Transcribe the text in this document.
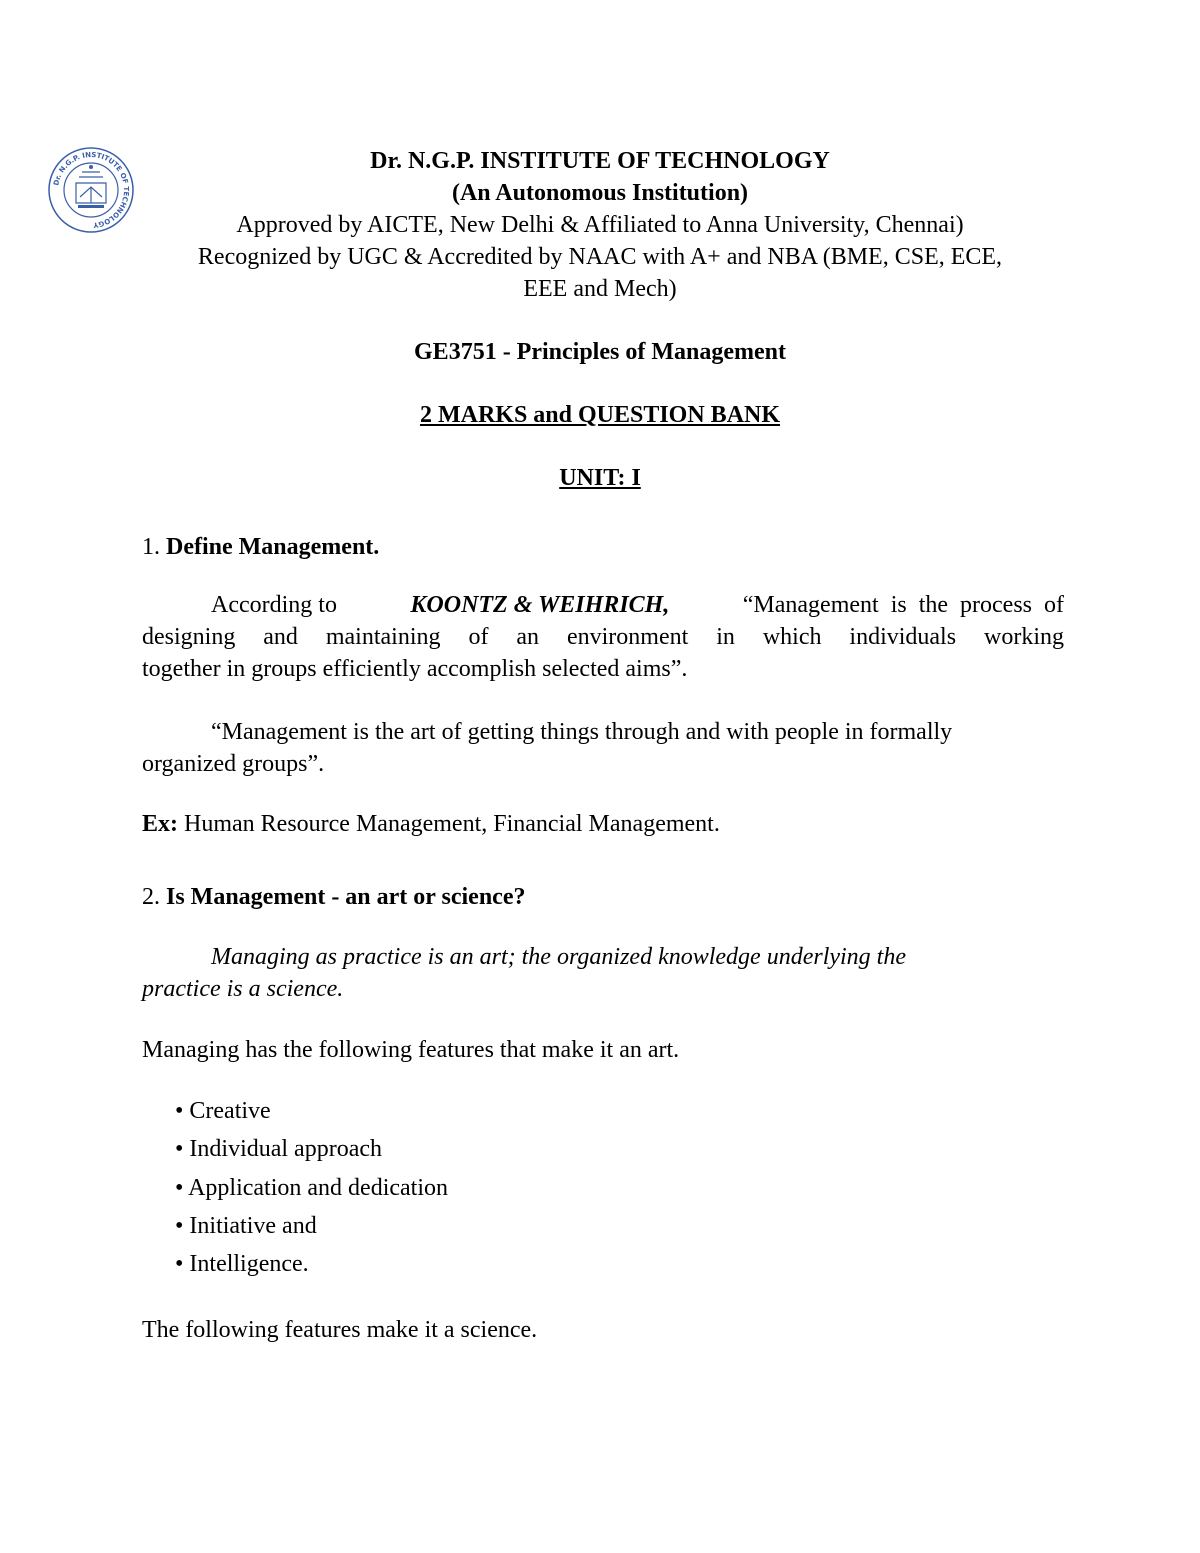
Dr. N.G.P. INSTITUTE OF TECHNOLOGY
Dr. N.G.P. INSTITUTE OF TECHNOLOGY
(An Autonomous Institution)
Approved by AICTE, New Delhi & Affiliated to Anna University, Chennai)
Recognized by UGC & Accredited by NAAC with A+ and NBA (BME, CSE, ECE,
EEE and Mech)
GE3751 - Principles of Management
2 MARKS and QUESTION BANK
UNIT: I
1. Define Management.
According to	KOONTZ & WEIHRICH,	“Management is the process of
designing and maintaining of an environment in which individuals working
together in groups efficiently accomplish selected aims”.
“Management is the art of getting things through and with people in formally
organized groups”.
Ex: Human Resource Management, Financial Management.
2. Is Management - an art or science?
Managing as practice is an art; the organized knowledge underlying the
practice is a science.
Managing has the following features that make it an art.
• Creative
• Individual approach
• Application and dedication
• Initiative and
• Intelligence.
The following features make it a science.
